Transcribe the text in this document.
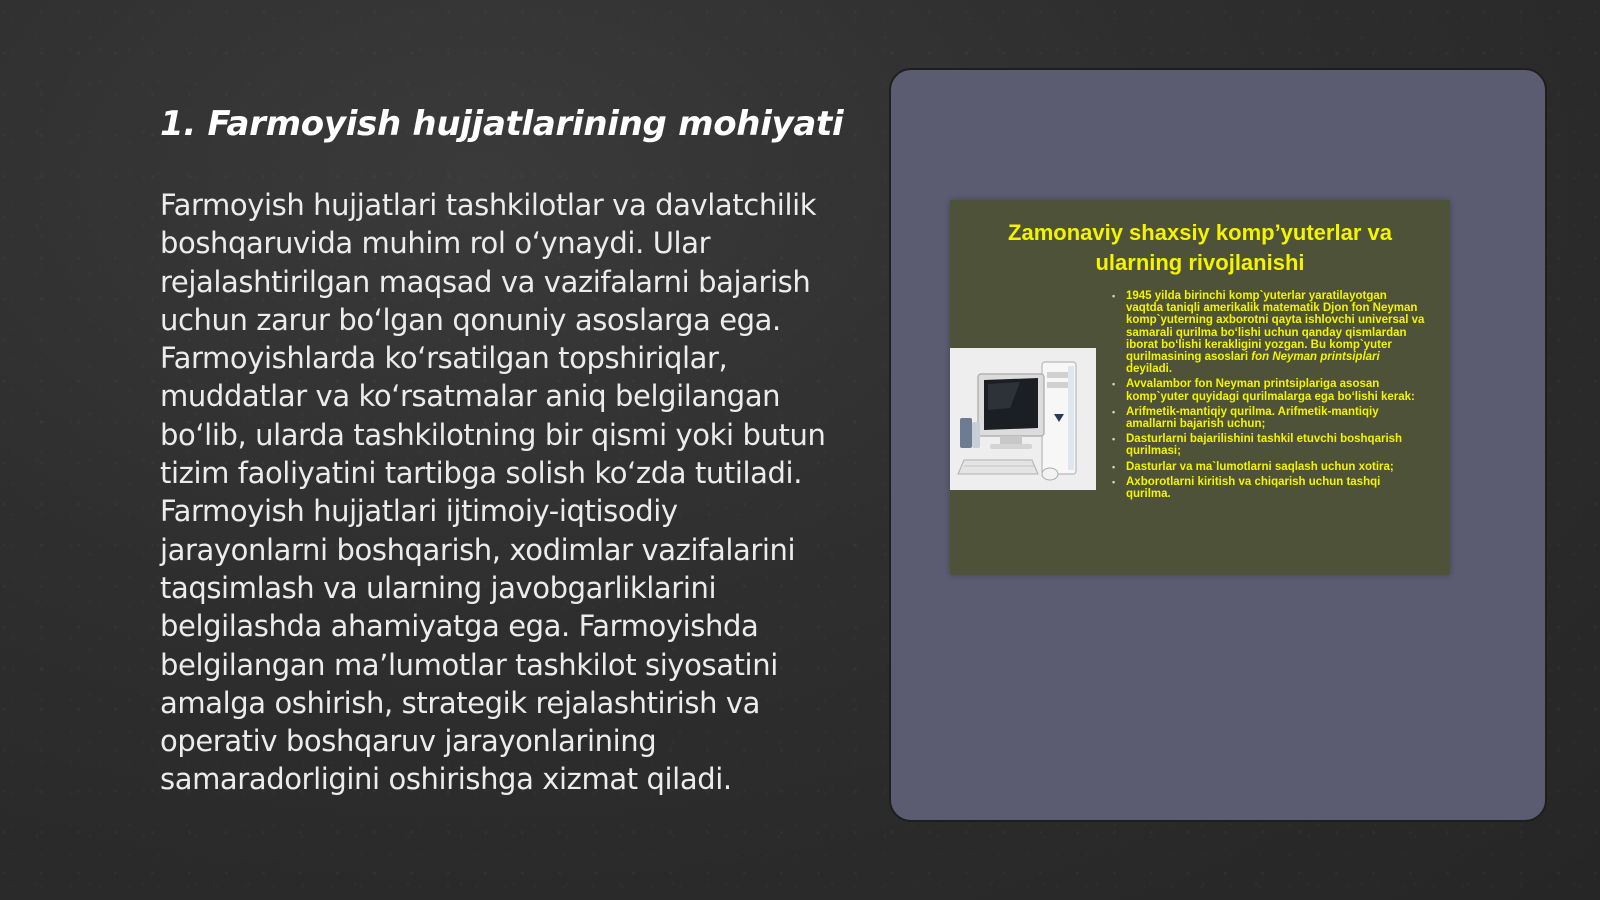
1. Farmoyish hujjatlarining mohiyati

Farmoyish hujjatlari tashkilotlar va davlatchilik boshqaruvida muhim rol o‘ynaydi. Ular rejalashtirilgan maqsad va vazifalarni bajarish uchun zarur bo‘lgan qonuniy asoslarga ega. Farmoyishlarda ko‘rsatilgan topshiriqlar, muddatlar va ko‘rsatmalar aniq belgilangan bo‘lib, ularda tashkilotning bir qismi yoki butun tizim faoliyatini tartibga solish ko‘zda tutiladi. Farmoyish hujjatlari ijtimoiy-iqtisodiy jarayonlarni boshqarish, xodimlar vazifalarini taqsimlash va ularning javobgarliklarini belgilashda ahamiyatga ega. Farmoyishda belgilangan ma’lumotlar tashkilot siyosatini amalga oshirish, strategik rejalashtirish va operativ boshqaruv jarayonlarining samaradorligini oshirishga xizmat qiladi.

Zamonaviy shaxsiy komp’yuterlar va
ularning rivojlanishi
• 1945 yilda birinchi komp`yuterlar yaratilayotgan vaqtda taniqli amerikalik matematik Djon fon Neyman komp`yuterning axborotni qayta ishlovchi universal va samarali qurilma bo‘lishi uchun qanday qismlardan iborat bo‘lishi kerakligini yozgan. Bu komp`yuter qurilmasining asoslari fon Neyman printsiplari deyiladi.
• Avvalambor fon Neyman printsiplariga asosan komp`yuter quyidagi qurilmalarga ega bo‘lishi kerak:
• Arifmetik-mantiqiy qurilma. Arifmetik-mantiqiy amallarni bajarish uchun;
• Dasturlarni bajarilishini tashkil etuvchi boshqarish qurilmasi;
• Dasturlar va ma`lumotlarni saqlash uchun xotira;
• Axborotlarni kiritish va chiqarish uchun tashqi qurilma.
